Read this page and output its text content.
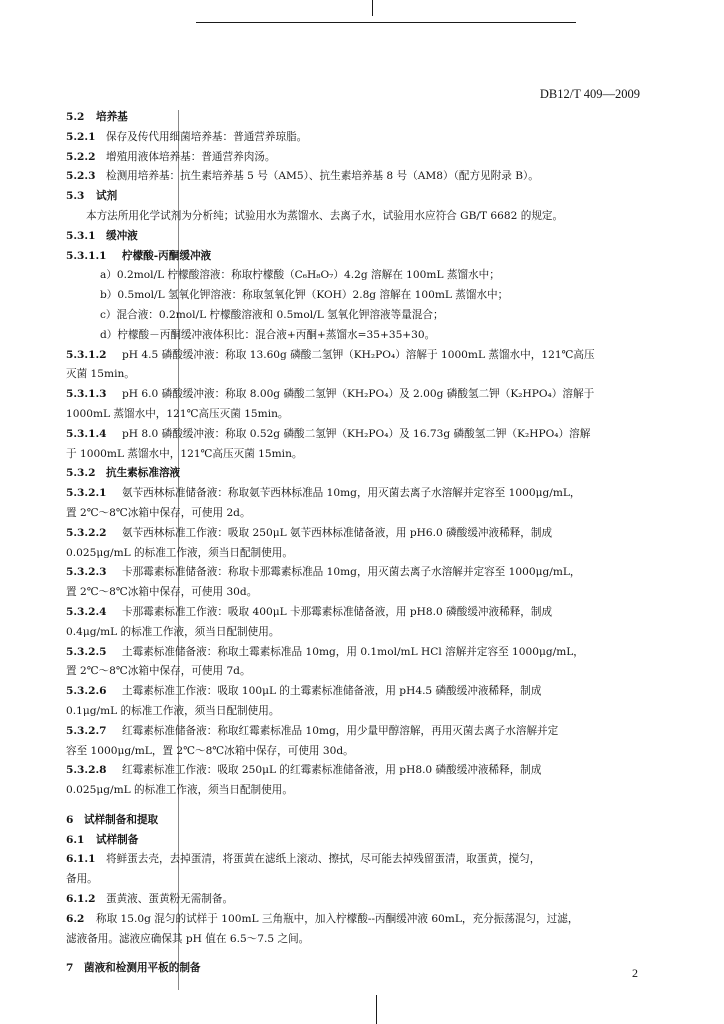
DB12/T 409—2009
5.2 培养基
5.2.1 保存及传代用细菌培养基：普通营养琼脂。
5.2.2 增殖用液体培养基：普通营养肉汤。
5.2.3 检测用培养基：抗生素培养基 5 号（AM5）、抗生素培养基 8 号（AM8）（配方见附录 B）。
5.3 试剂
本方法所用化学试剂为分析纯；试验用水为蒸馏水、去离子水，试验用水应符合 GB/T 6682 的规定。
5.3.1 缓冲液
5.3.1.1 柠檬酸-丙酮缓冲液
a）0.2mol/L 柠檬酸溶液：称取柠檬酸（C₆H₈O₇）4.2g 溶解在 100mL 蒸馏水中；
b）0.5mol/L 氢氧化钾溶液：称取氢氧化钾（KOH）2.8g 溶解在 100mL 蒸馏水中；
c）混合液：0.2mol/L 柠檬酸溶液和 0.5mol/L 氢氧化钾溶液等量混合；
d）柠檬酸－丙酮缓冲液体积比：混合液+丙酮+蒸馏水=35+35+30。
5.3.1.2 pH 4.5 磷酸缓冲液：称取 13.60g 磷酸二氢钾（KH₂PO₄）溶解于 1000mL 蒸馏水中，121℃高压
灭菌 15min。
5.3.1.3 pH 6.0 磷酸缓冲液：称取 8.00g 磷酸二氢钾（KH₂PO₄）及 2.00g 磷酸氢二钾（K₂HPO₄）溶解于
1000mL 蒸馏水中，121℃高压灭菌 15min。
5.3.1.4 pH 8.0 磷酸缓冲液：称取 0.52g 磷酸二氢钾（KH₂PO₄）及 16.73g 磷酸氢二钾（K₂HPO₄）溶解
于 1000mL 蒸馏水中，121℃高压灭菌 15min。
5.3.2 抗生素标准溶液
5.3.2.1 氨苄西林标准储备液：称取氨苄西林标准品 10mg，用灭菌去离子水溶解并定容至 1000μg/mL，
置 2℃～8℃冰箱中保存，可使用 2d。
5.3.2.2 氨苄西林标准工作液：吸取 250μL 氨苄西林标准储备液，用 pH6.0 磷酸缓冲液稀释，制成
0.025μg/mL 的标准工作液，须当日配制使用。
5.3.2.3 卡那霉素标准储备液：称取卡那霉素标准品 10mg，用灭菌去离子水溶解并定容至 1000μg/mL，
置 2℃～8℃冰箱中保存，可使用 30d。
5.3.2.4 卡那霉素标准工作液：吸取 400μL 卡那霉素标准储备液，用 pH8.0 磷酸缓冲液稀释，制成
0.4μg/mL 的标准工作液，须当日配制使用。
5.3.2.5 土霉素标准储备液：称取土霉素标准品 10mg，用 0.1mol/mL HCl 溶解并定容至 1000μg/mL，
置 2℃～8℃冰箱中保存，可使用 7d。
5.3.2.6 土霉素标准工作液：吸取 100μL 的土霉素标准储备液，用 pH4.5 磷酸缓冲液稀释，制成
0.1μg/mL 的标准工作液，须当日配制使用。
5.3.2.7 红霉素标准储备液：称取红霉素标准品 10mg，用少量甲醇溶解，再用灭菌去离子水溶解并定
容至 1000μg/mL，置 2℃～8℃冰箱中保存，可使用 30d。
5.3.2.8 红霉素标准工作液：吸取 250μL 的红霉素标准储备液，用 pH8.0 磷酸缓冲液稀释，制成
0.025μg/mL 的标准工作液，须当日配制使用。
6 试样制备和提取
6.1 试样制备
6.1.1 将鲜蛋去壳，去掉蛋清，将蛋黄在滤纸上滚动、擦拭，尽可能去掉残留蛋清，取蛋黄，搅匀，
备用。
6.1.2 蛋黄液、蛋黄粉无需制备。
6.2 称取 15.0g 混匀的试样于 100mL 三角瓶中，加入柠檬酸--丙酮缓冲液 60mL，充分振荡混匀，过滤，
滤液备用。滤液应确保其 pH 值在 6.5～7.5 之间。
7 菌液和检测用平板的制备	2
